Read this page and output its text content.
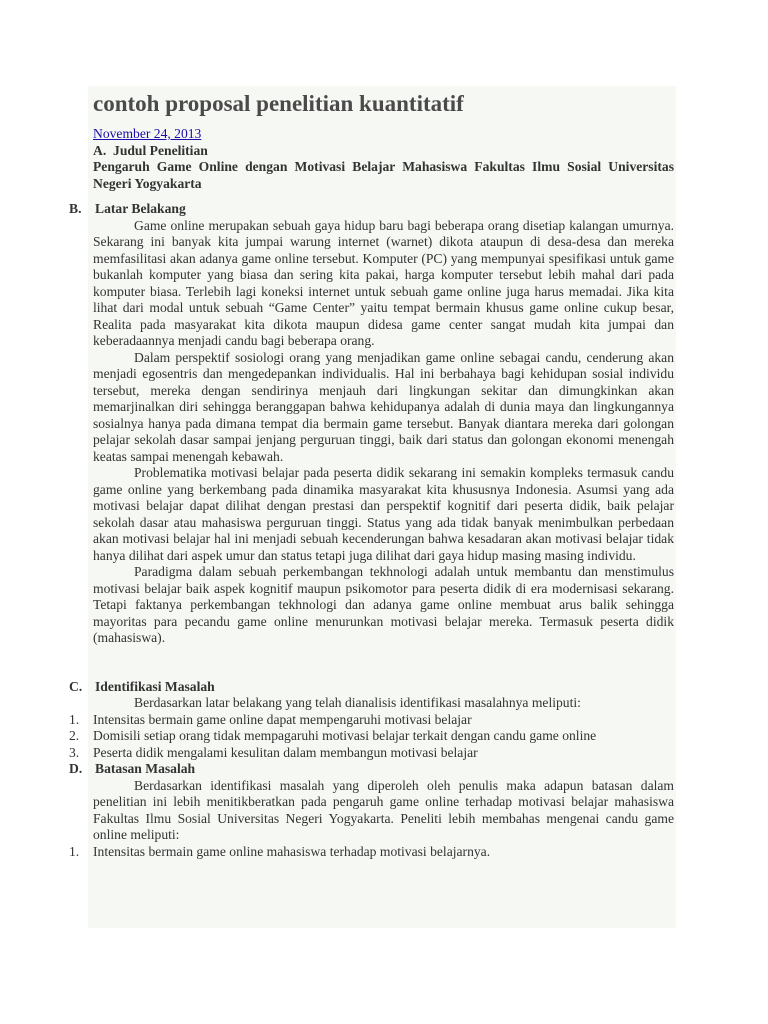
contoh proposal penelitian kuantitatif
November 24, 2013
A. Judul Penelitian
Pengaruh Game Online dengan Motivasi Belajar Mahasiswa Fakultas Ilmu Sosial Universitas Negeri Yogyakarta
B. Latar Belakang
Game online merupakan sebuah gaya hidup baru bagi beberapa orang disetiap kalangan umurnya. Sekarang ini banyak kita jumpai warung internet (warnet) dikota ataupun di desa-desa dan mereka memfasilitasi akan adanya game online tersebut. Komputer (PC) yang mempunyai spesifikasi untuk game bukanlah komputer yang biasa dan sering kita pakai, harga komputer tersebut lebih mahal dari pada komputer biasa. Terlebih lagi koneksi internet untuk sebuah game online juga harus memadai. Jika kita lihat dari modal untuk sebuah “Game Center” yaitu tempat bermain khusus game online cukup besar, Realita pada masyarakat kita dikota maupun didesa game center sangat mudah kita jumpai dan keberadaannya menjadi candu bagi beberapa orang.
Dalam perspektif sosiologi orang yang menjadikan game online sebagai candu, cenderung akan menjadi egosentris dan mengedepankan individualis. Hal ini berbahaya bagi kehidupan sosial individu tersebut, mereka dengan sendirinya menjauh dari lingkungan sekitar dan dimungkinkan akan memarjinalkan diri sehingga beranggapan bahwa kehidupanya adalah di dunia maya dan lingkungannya sosialnya hanya pada dimana tempat dia bermain game tersebut. Banyak diantara mereka dari golongan pelajar sekolah dasar sampai jenjang perguruan tinggi, baik dari status dan golongan ekonomi menengah keatas sampai menengah kebawah.
Problematika motivasi belajar pada peserta didik sekarang ini semakin kompleks termasuk candu game online yang berkembang pada dinamika masyarakat kita khususnya Indonesia. Asumsi yang ada motivasi belajar dapat dilihat dengan prestasi dan perspektif kognitif dari peserta didik, baik pelajar sekolah dasar atau mahasiswa perguruan tinggi. Status yang ada tidak banyak menimbulkan perbedaan akan motivasi belajar hal ini menjadi sebuah kecenderungan bahwa kesadaran akan motivasi belajar tidak hanya dilihat dari aspek umur dan status tetapi juga dilihat dari gaya hidup masing masing individu.
Paradigma dalam sebuah perkembangan tekhnologi adalah untuk membantu dan menstimulus motivasi belajar baik aspek kognitif maupun psikomotor para peserta didik di era modernisasi sekarang. Tetapi faktanya perkembangan tekhnologi dan adanya game online membuat arus balik sehingga mayoritas para pecandu game online menurunkan motivasi belajar mereka. Termasuk peserta didik (mahasiswa).
C. Identifikasi Masalah
Berdasarkan latar belakang yang telah dianalisis identifikasi masalahnya meliputi:
1.	Intensitas bermain game online dapat mempengaruhi motivasi belajar
2.	Domisili setiap orang tidak mempagaruhi motivasi belajar terkait dengan candu game online
3.	Peserta didik mengalami kesulitan dalam membangun motivasi belajar
D. Batasan Masalah
Berdasarkan identifikasi masalah yang diperoleh oleh penulis maka adapun batasan dalam penelitian ini lebih menitikberatkan pada pengaruh game online terhadap motivasi belajar mahasiswa Fakultas Ilmu Sosial Universitas Negeri Yogyakarta. Peneliti lebih membahas mengenai candu game online meliputi:
1.	Intensitas bermain game online mahasiswa terhadap motivasi belajarnya.
